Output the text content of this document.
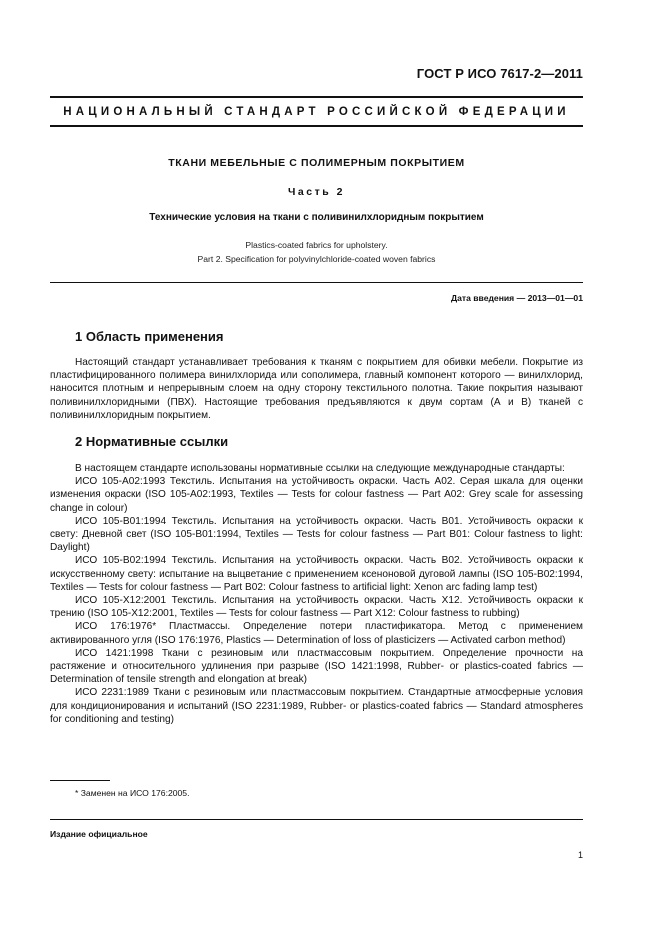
ГОСТ Р ИСО 7617-2—2011
НАЦИОНАЛЬНЫЙ СТАНДАРТ РОССИЙСКОЙ ФЕДЕРАЦИИ
ТКАНИ МЕБЕЛЬНЫЕ С ПОЛИМЕРНЫМ ПОКРЫТИЕМ
Часть 2
Технические условия на ткани с поливинилхлоридным покрытием
Plastics-coated fabrics for upholstery.
Part 2. Specification for polyvinylchloride-coated woven fabrics
Дата введения — 2013—01—01
1 Область применения

Настоящий стандарт устанавливает требования к тканям с покрытием для обивки мебели. Покрытие из пластифицированного полимера винилхлорида или сополимера, главный компонент которого — винилхлорид, наносится плотным и непрерывным слоем на одну сторону текстильного полотна. Такие покрытия называют поливинилхлоридными (ПВХ). Настоящие требования предъявляются к двум сортам (А и В) тканей с поливинилхлоридным покрытием.

2 Нормативные ссылки

В настоящем стандарте использованы нормативные ссылки на следующие международные стандарты:

ИСО 105-A02:1993 Текстиль. Испытания на устойчивость окраски. Часть A02. Серая шкала для оценки изменения окраски (ISO 105-A02:1993, Textiles — Tests for colour fastness — Part A02: Grey scale for assessing change in colour)

ИСО 105-B01:1994 Текстиль. Испытания на устойчивость окраски. Часть B01. Устойчивость окраски к свету: Дневной свет (ISO 105-B01:1994, Textiles — Tests for colour fastness — Part B01: Colour fastness to light: Daylight)

ИСО 105-B02:1994 Текстиль. Испытания на устойчивость окраски. Часть B02. Устойчивость окраски к искусственному свету: испытание на выцветание с применением ксеноновой дуговой лампы (ISO 105-B02:1994, Textiles — Tests for colour fastness — Part B02: Colour fastness to artificial light: Xenon arc fading lamp test)

ИСО 105-X12:2001 Текстиль. Испытания на устойчивость окраски. Часть X12. Устойчивость окраски к трению (ISO 105-X12:2001, Textiles — Tests for colour fastness — Part X12: Colour fastness to rubbing)

ИСО 176:1976* Пластмассы. Определение потери пластификатора. Метод с применением активированного угля (ISO 176:1976, Plastics — Determination of loss of plasticizers — Activated carbon method)

ИСО 1421:1998 Ткани с резиновым или пластмассовым покрытием. Определение прочности на растяжение и относительного удлинения при разрыве (ISO 1421:1998, Rubber- or plastics-coated fabrics — Determination of tensile strength and elongation at break)

ИСО 2231:1989 Ткани с резиновым или пластмассовым покрытием. Стандартные атмосферные условия для кондиционирования и испытаний (ISO 2231:1989, Rubber- or plastics-coated fabrics — Standard atmospheres for conditioning and testing)

* Заменен на ИСО 176:2005.
Издание официальное
1
